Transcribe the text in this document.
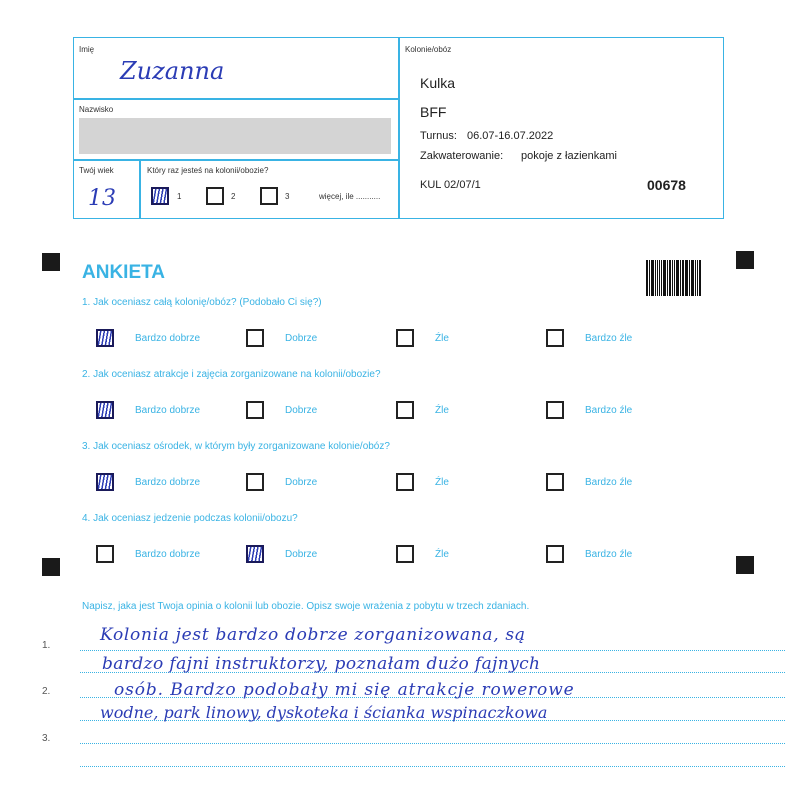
Imię
Zuzanna
Nazwisko
Twój wiek
13
Który raz jesteś na kolonii/obozie?
1	2	3	więcej, ile ...........
Kolonie/obóz
Kulka
BFF
Turnus: 06.07-16.07.2022
Zakwaterowanie: pokoje z łazienkami
KUL 02/07/1	00678
ANKIETA
1. Jak oceniasz całą kolonię/obóz? (Podobało Ci się?)
Bardzo dobrze	Dobrze	Źle	Bardzo źle
2. Jak oceniasz atrakcje i zajęcia zorganizowane na kolonii/obozie?
Bardzo dobrze	Dobrze	Źle	Bardzo źle
3. Jak oceniasz ośrodek, w którym były zorganizowane kolonie/obóz?
Bardzo dobrze	Dobrze	Źle	Bardzo źle
4. Jak oceniasz jedzenie podczas kolonii/obozu?
Bardzo dobrze	Dobrze	Źle	Bardzo źle
Napisz, jaka jest Twoja opinia o kolonii lub obozie. Opisz swoje wrażenia z pobytu w trzech zdaniach.
1.
2.
3.
Kolonia jest bardzo dobrze zorganizowana, są
bardzo fajni instruktorzy, poznałam dużo fajnych
osób. Bardzo podobały mi się atrakcje rowerowe
wodne, park linowy, dyskoteka i ścianka wspinaczkowa
